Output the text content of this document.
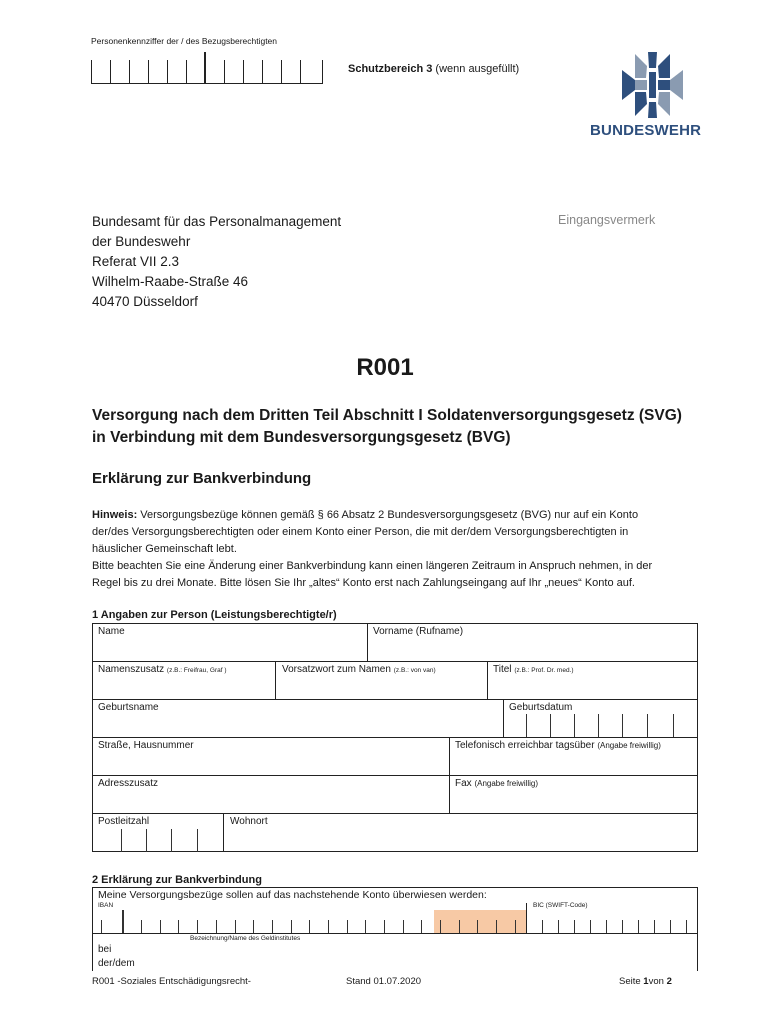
Personenkennziffer der / des Bezugsberechtigten
Schutzbereich 3 (wenn ausgefüllt)
BUNDESWEHR
Bundesamt für das Personalmanagement
der Bundeswehr
Referat VII 2.3
Wilhelm-Raabe-Straße 46
40470 Düsseldorf
Eingangsvermerk
R001
Versorgung nach dem Dritten Teil Abschnitt I Soldatenversorgungsgesetz (SVG)
in Verbindung mit dem Bundesversorgungsgesetz (BVG)
Erklärung zur Bankverbindung
Hinweis: Versorgungsbezüge können gemäß § 66 Absatz 2 Bundesversorgungsgesetz (BVG) nur auf ein Konto
der/des Versorgungsberechtigten oder einem Konto einer Person, die mit der/dem Versorgungsberechtigten in
häuslicher Gemeinschaft lebt.
Bitte beachten Sie eine Änderung einer Bankverbindung kann einen längeren Zeitraum in Anspruch nehmen, in der
Regel bis zu drei Monate. Bitte lösen Sie Ihr „altes“ Konto erst nach Zahlungseingang auf Ihr „neues“ Konto auf.
1 Angaben zur Person (Leistungsberechtigte/r)
Name	Vorname (Rufname)
Namenszusatz (z.B.: Freifrau, Graf )	Vorsatzwort zum Namen (z.B.: von van)	Titel (z.B.: Prof. Dr. med.)
Geburtsname	Geburtsdatum
Straße, Hausnummer	Telefonisch erreichbar tagsüber (Angabe freiwillig)
Adresszusatz	Fax (Angabe freiwillig)
Postleitzahl	Wohnort
2 Erklärung zur Bankverbindung
Meine Versorgungsbezüge sollen auf das nachstehende Konto überwiesen werden:
IBAN	BIC (SWIFT-Code)
Bezeichnung/Name des Geldinstitutes
bei
der/dem
R001 -Soziales Entschädigungsrecht-	Stand 01.07.2020	Seite 1von 2
